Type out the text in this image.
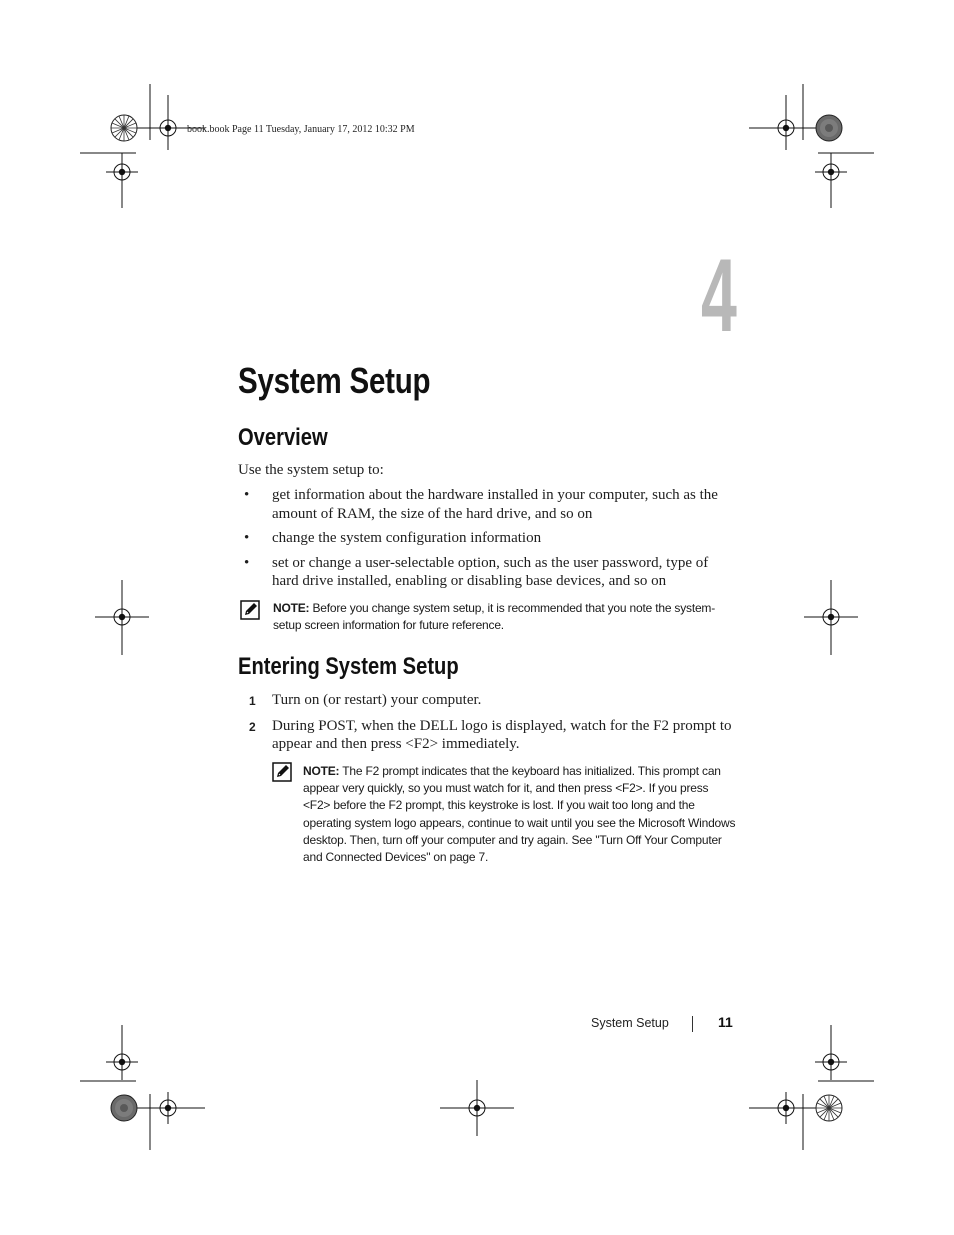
book.book Page 11 Tuesday, January 17, 2012 10:32 PM
4
System Setup
Overview
Use the system setup to:
• get information about the hardware installed in your computer, such as the amount of RAM, the size of the hard drive, and so on
• change the system configuration information
• set or change a user-selectable option, such as the user password, type of hard drive installed, enabling or disabling base devices, and so on
NOTE: Before you change system setup, it is recommended that you note the system-setup screen information for future reference.
Entering System Setup
1 Turn on (or restart) your computer.
2 During POST, when the DELL logo is displayed, watch for the F2 prompt to appear and then press <F2> immediately.
NOTE: The F2 prompt indicates that the keyboard has initialized. This prompt can appear very quickly, so you must watch for it, and then press <F2>. If you press <F2> before the F2 prompt, this keystroke is lost. If you wait too long and the operating system logo appears, continue to wait until you see the Microsoft Windows desktop. Then, turn off your computer and try again. See "Turn Off Your Computer and Connected Devices" on page 7.
System Setup	11
